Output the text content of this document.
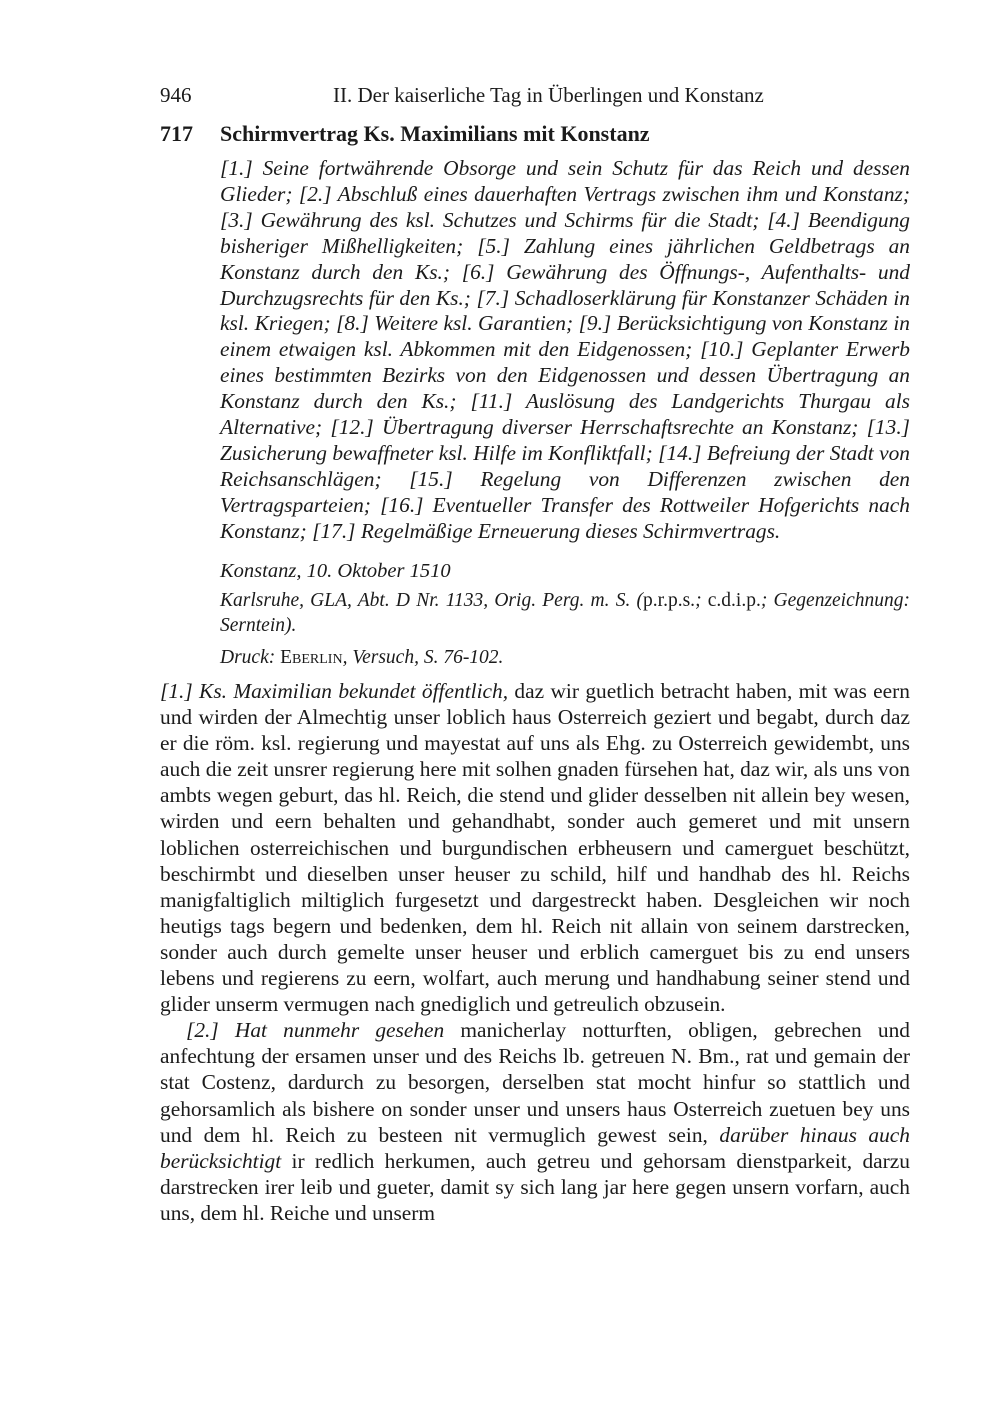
946	II. Der kaiserliche Tag in Überlingen und Konstanz
717 Schirmvertrag Ks. Maximilians mit Konstanz
[1.] Seine fortwährende Obsorge und sein Schutz für das Reich und dessen Glieder; [2.] Abschluß eines dauerhaften Vertrags zwischen ihm und Konstanz; [3.] Gewährung des ksl. Schutzes und Schirms für die Stadt; [4.] Beendigung bisheriger Mißhelligkeiten; [5.] Zahlung eines jährlichen Geldbetrags an Konstanz durch den Ks.; [6.] Gewährung des Öffnungs-, Aufenthalts- und Durchzugsrechts für den Ks.; [7.] Schadloserklärung für Konstanzer Schäden in ksl. Kriegen; [8.] Weitere ksl. Garantien; [9.] Berücksichtigung von Konstanz in einem etwaigen ksl. Abkommen mit den Eidgenossen; [10.] Geplanter Erwerb eines bestimmten Bezirks von den Eidgenossen und dessen Übertragung an Konstanz durch den Ks.; [11.] Auslösung des Landgerichts Thurgau als Alternative; [12.] Übertragung diverser Herrschaftsrechte an Konstanz; [13.] Zusicherung bewaffneter ksl. Hilfe im Konfliktfall; [14.] Befreiung der Stadt von Reichsanschlägen; [15.] Regelung von Differenzen zwischen den Vertragsparteien; [16.] Eventueller Transfer des Rottweiler Hofgerichts nach Konstanz; [17.] Regelmäßige Erneuerung dieses Schirmvertrags.
Konstanz, 10. Oktober 1510
Karlsruhe, GLA, Abt. D Nr. 1133, Orig. Perg. m. S. (p.r.p.s.; c.d.i.p.; Gegenzeichnung: Serntein).
Druck: Eberlin, Versuch, S. 76-102.

[1.] Ks. Maximilian bekundet öffentlich, daz wir guetlich betracht haben, mit was eern und wirden der Almechtig unser loblich haus Osterreich geziert und begabt, durch daz er die röm. ksl. regierung und mayestat auf uns als Ehg. zu Osterreich gewidembt, uns auch die zeit unsrer regierung here mit solhen gnaden fürsehen hat, daz wir, als uns von ambts wegen geburt, das hl. Reich, die stend und glider desselben nit allein bey wesen, wirden und eern behalten und gehandhabt, sonder auch gemeret und mit unsern loblichen osterreichischen und burgundischen erbheusern und camerguet beschützt, beschirmbt und dieselben unser heuser zu schild, hilf und handhab des hl. Reichs manigfaltiglich miltiglich furgesetzt und dargestreckt haben. Desgleichen wir noch heutigs tags begern und bedenken, dem hl. Reich nit allain von seinem darstrecken, sonder auch durch gemelte unser heuser und erblich camerguet bis zu end unsers lebens und regierens zu eern, wolfart, auch merung und handhabung seiner stend und glider unserm vermugen nach gnediglich und getreulich obzusein.

[2.] Hat nunmehr gesehen manicherlay notturften, obligen, gebrechen und anfechtung der ersamen unser und des Reichs lb. getreuen N. Bm., rat und gemain der stat Costenz, dardurch zu besorgen, derselben stat mocht hinfur so stattlich und gehorsamlich als bishere on sonder unser und unsers haus Osterreich zuetuen bey uns und dem hl. Reich zu besteen nit vermuglich gewest sein, darüber hinaus auch berücksichtigt ir redlich herkumen, auch getreu und gehorsam dienstparkeit, darzu darstrecken irer leib und gueter, damit sy sich lang jar here gegen unsern vorfarn, auch uns, dem hl. Reiche und unserm
